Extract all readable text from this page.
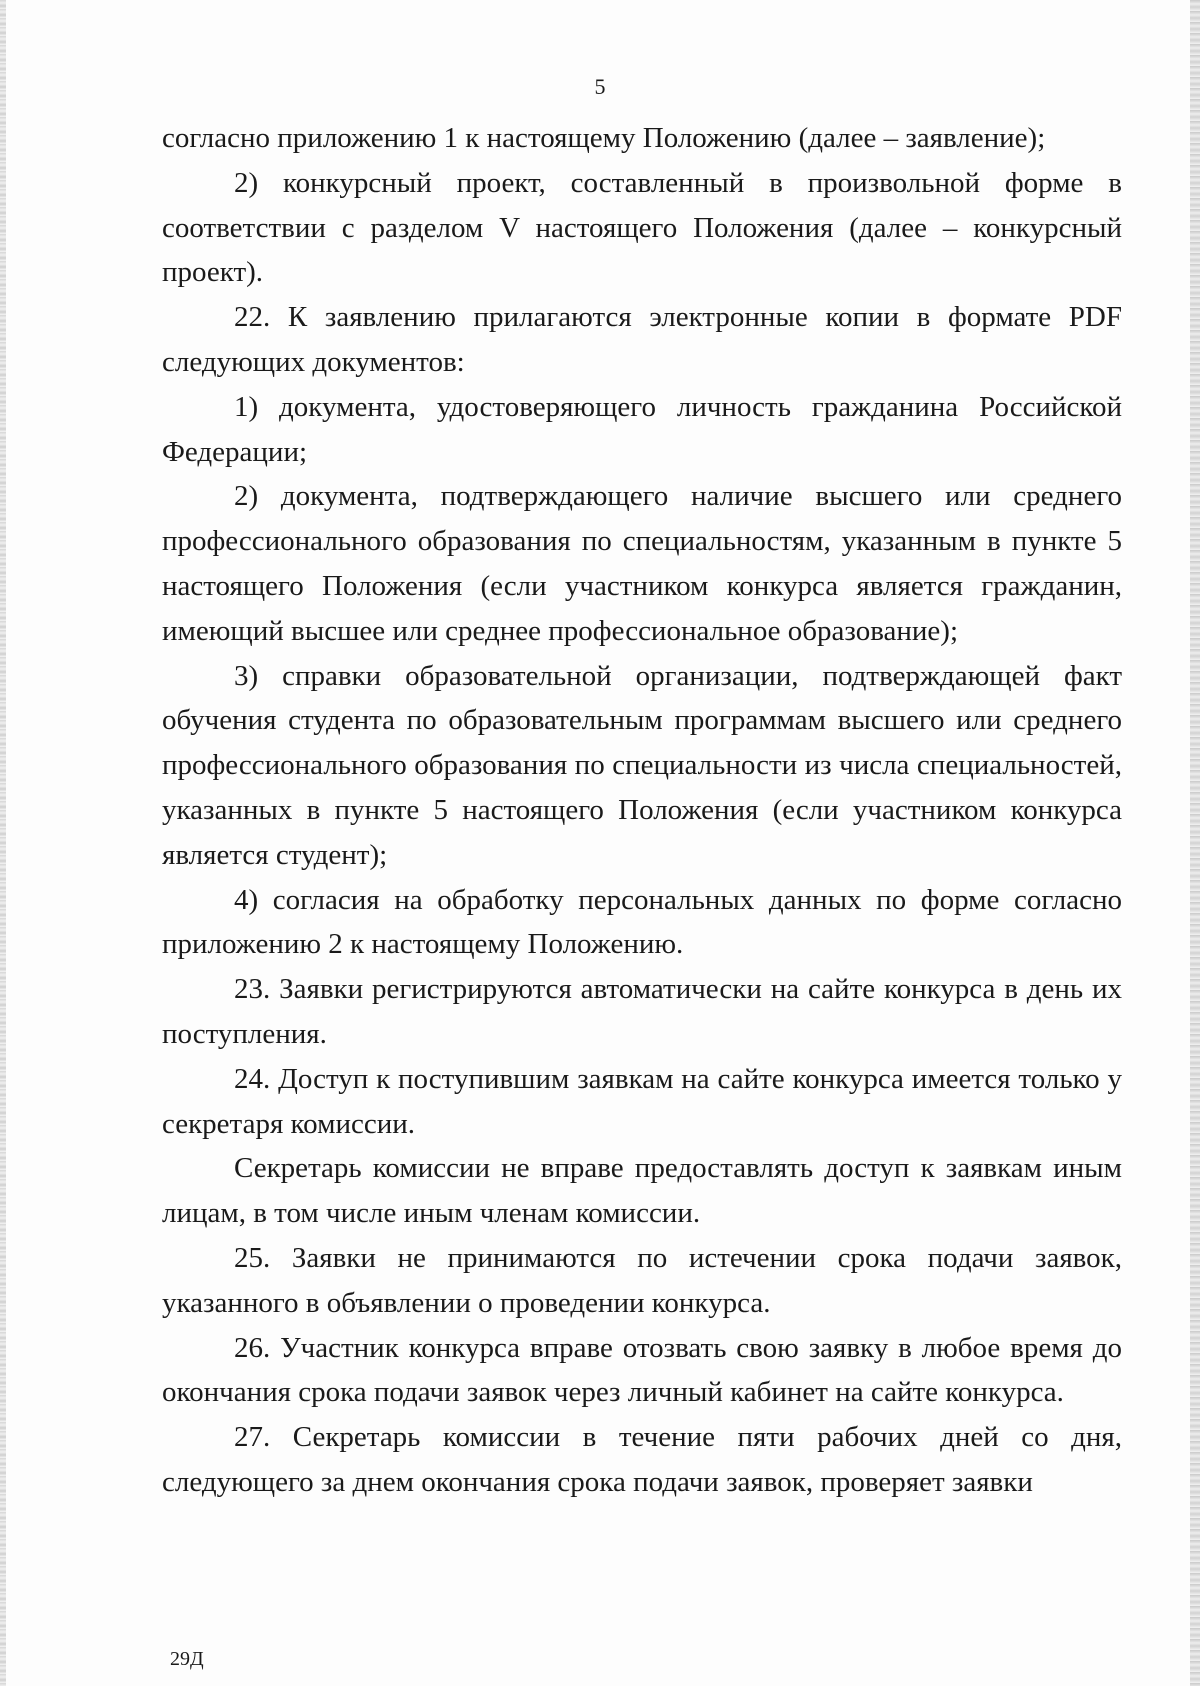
5

согласно приложению 1 к настоящему Положению (далее – заявление);

2) конкурсный проект, составленный в произвольной форме в соответствии с разделом V настоящего Положения (далее – конкурсный проект).

22. К заявлению прилагаются электронные копии в формате PDF следующих документов:

1) документа, удостоверяющего личность гражданина Российской Федерации;

2) документа, подтверждающего наличие высшего или среднего профессионального образования по специальностям, указанным в пункте 5 настоящего Положения (если участником конкурса является гражданин, имеющий высшее или среднее профессиональное образование);

3) справки образовательной организации, подтверждающей факт обучения студента по образовательным программам высшего или среднего профессионального образования по специальности из числа специальностей, указанных в пункте 5 настоящего Положения (если участником конкурса является студент);

4) согласия на обработку персональных данных по форме согласно приложению 2 к настоящему Положению.

23. Заявки регистрируются автоматически на сайте конкурса в день их поступления.

24. Доступ к поступившим заявкам на сайте конкурса имеется только у секретаря комиссии.

Секретарь комиссии не вправе предоставлять доступ к заявкам иным лицам, в том числе иным членам комиссии.

25. Заявки не принимаются по истечении срока подачи заявок, указанного в объявлении о проведении конкурса.

26. Участник конкурса вправе отозвать свою заявку в любое время до окончания срока подачи заявок через личный кабинет на сайте конкурса.

27. Секретарь комиссии в течение пяти рабочих дней со дня, следующего за днем окончания срока подачи заявок, проверяет заявки

29Д
